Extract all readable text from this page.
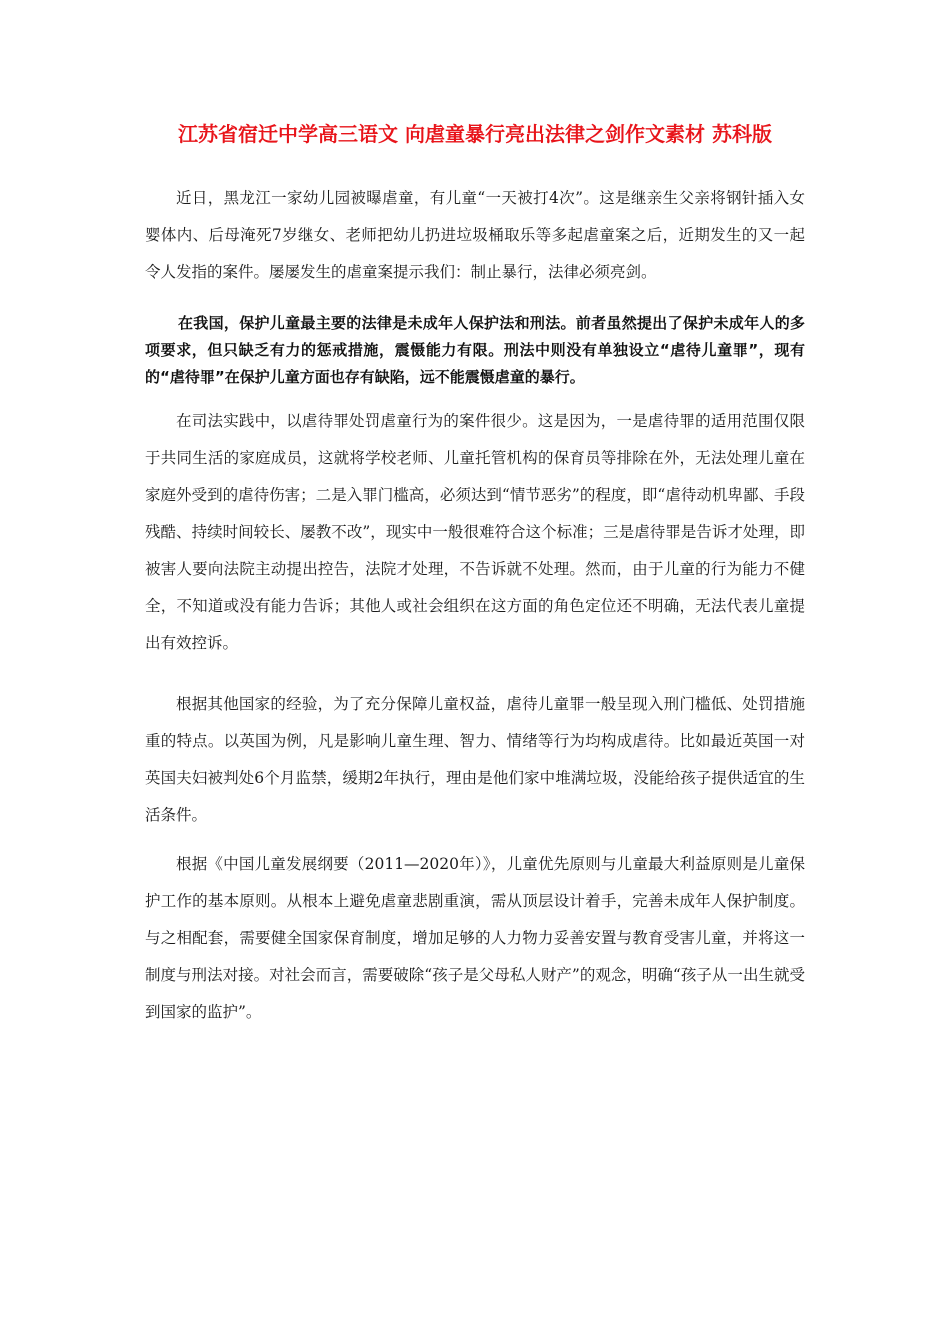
江苏省宿迁中学高三语文 向虐童暴行亮出法律之剑作文素材 苏科版

近日，黑龙江一家幼儿园被曝虐童，有儿童“一天被打4次”。这是继亲生父亲将钢针插入女婴体内、后母淹死7岁继女、老师把幼儿扔进垃圾桶取乐等多起虐童案之后，近期发生的又一起令人发指的案件。屡屡发生的虐童案提示我们：制止暴行，法律必须亮剑。

在我国，保护儿童最主要的法律是未成年人保护法和刑法。前者虽然提出了保护未成年人的多项要求，但只缺乏有力的惩戒措施，震慑能力有限。刑法中则没有单独设立“虐待儿童罪”，现有的“虐待罪”在保护儿童方面也存有缺陷，远不能震慑虐童的暴行。

在司法实践中，以虐待罪处罚虐童行为的案件很少。这是因为，一是虐待罪的适用范围仅限于共同生活的家庭成员，这就将学校老师、儿童托管机构的保育员等排除在外，无法处理儿童在家庭外受到的虐待伤害；二是入罪门槛高，必须达到“情节恶劣”的程度，即“虐待动机卑鄙、手段残酷、持续时间较长、屡教不改”，现实中一般很难符合这个标准；三是虐待罪是告诉才处理，即被害人要向法院主动提出控告，法院才处理，不告诉就不处理。然而，由于儿童的行为能力不健全，不知道或没有能力告诉；其他人或社会组织在这方面的角色定位还不明确，无法代表儿童提出有效控诉。

根据其他国家的经验，为了充分保障儿童权益，虐待儿童罪一般呈现入刑门槛低、处罚措施重的特点。以英国为例，凡是影响儿童生理、智力、情绪等行为均构成虐待。比如最近英国一对英国夫妇被判处6个月监禁，缓期2年执行，理由是他们家中堆满垃圾，没能给孩子提供适宜的生活条件。

根据《中国儿童发展纲要（2011—2020年）》，儿童优先原则与儿童最大利益原则是儿童保护工作的基本原则。从根本上避免虐童悲剧重演，需从顶层设计着手，完善未成年人保护制度。与之相配套，需要健全国家保育制度，增加足够的人力物力妥善安置与教育受害儿童，并将这一制度与刑法对接。对社会而言，需要破除“孩子是父母私人财产”的观念，明确“孩子从一出生就受到国家的监护”。
